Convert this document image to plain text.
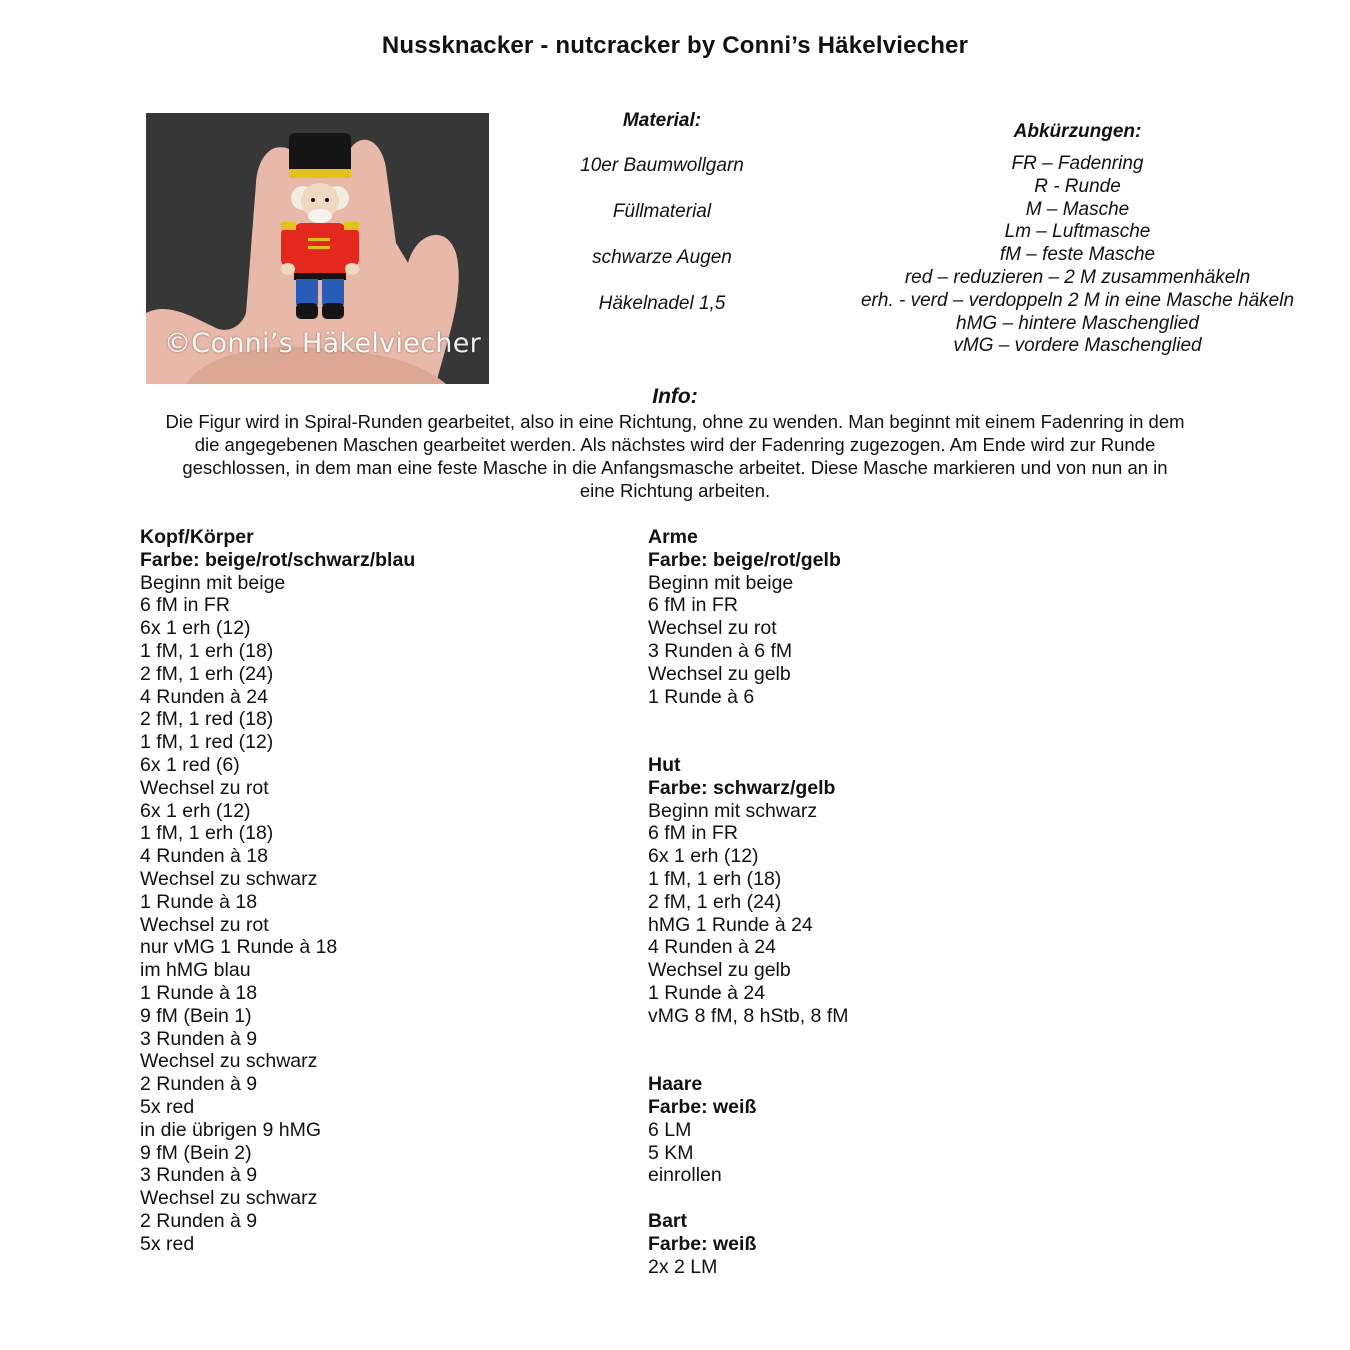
Nussknacker - nutcracker by Conni’s Häkelviecher
©Conni’s Häkelviecher
Material:
10er Baumwollgarn
Füllmaterial
schwarze Augen
Häkelnadel 1,5
Abkürzungen:
FR – Fadenring
R - Runde
M – Masche
Lm – Luftmasche
fM – feste Masche
red – reduzieren – 2 M zusammenhäkeln
erh. - verd – verdoppeln 2 M in eine Masche häkeln
hMG – hintere Maschenglied
vMG – vordere Maschenglied
Info:
Die Figur wird in Spiral-Runden gearbeitet, also in eine Richtung, ohne zu wenden. Man beginnt mit einem Fadenring in dem
die angegebenen Maschen gearbeitet werden. Als nächstes wird der Fadenring zugezogen. Am Ende wird zur Runde
geschlossen, in dem man eine feste Masche in die Anfangsmasche arbeitet. Diese Masche markieren und von nun an in
eine Richtung arbeiten.
Kopf/Körper
Farbe: beige/rot/schwarz/blau
Beginn mit beige
6 fM in FR
6x 1 erh (12)
1 fM, 1 erh (18)
2 fM, 1 erh (24)
4 Runden à 24
2 fM, 1 red (18)
1 fM, 1 red (12)
6x 1 red (6)
Wechsel zu rot
6x 1 erh (12)
1 fM, 1 erh (18)
4 Runden à 18
Wechsel zu schwarz
1 Runde à 18
Wechsel zu rot
nur vMG 1 Runde à 18
im hMG blau
1 Runde à 18
9 fM (Bein 1)
3 Runden à 9
Wechsel zu schwarz
2 Runden à 9
5x red
in die übrigen 9 hMG
9 fM (Bein 2)
3 Runden à 9
Wechsel zu schwarz
2 Runden à 9
5x red
Arme
Farbe: beige/rot/gelb
Beginn mit beige
6 fM in FR
Wechsel zu rot
3 Runden à 6 fM
Wechsel zu gelb
1 Runde à 6
Hut
Farbe: schwarz/gelb
Beginn mit schwarz
6 fM in FR
6x 1 erh (12)
1 fM, 1 erh (18)
2 fM, 1 erh (24)
hMG 1 Runde à 24
4 Runden à 24
Wechsel zu gelb
1 Runde à 24
vMG 8 fM, 8 hStb, 8 fM
Haare
Farbe: weiß
6 LM
5 KM
einrollen
Bart
Farbe: weiß
2x 2 LM
